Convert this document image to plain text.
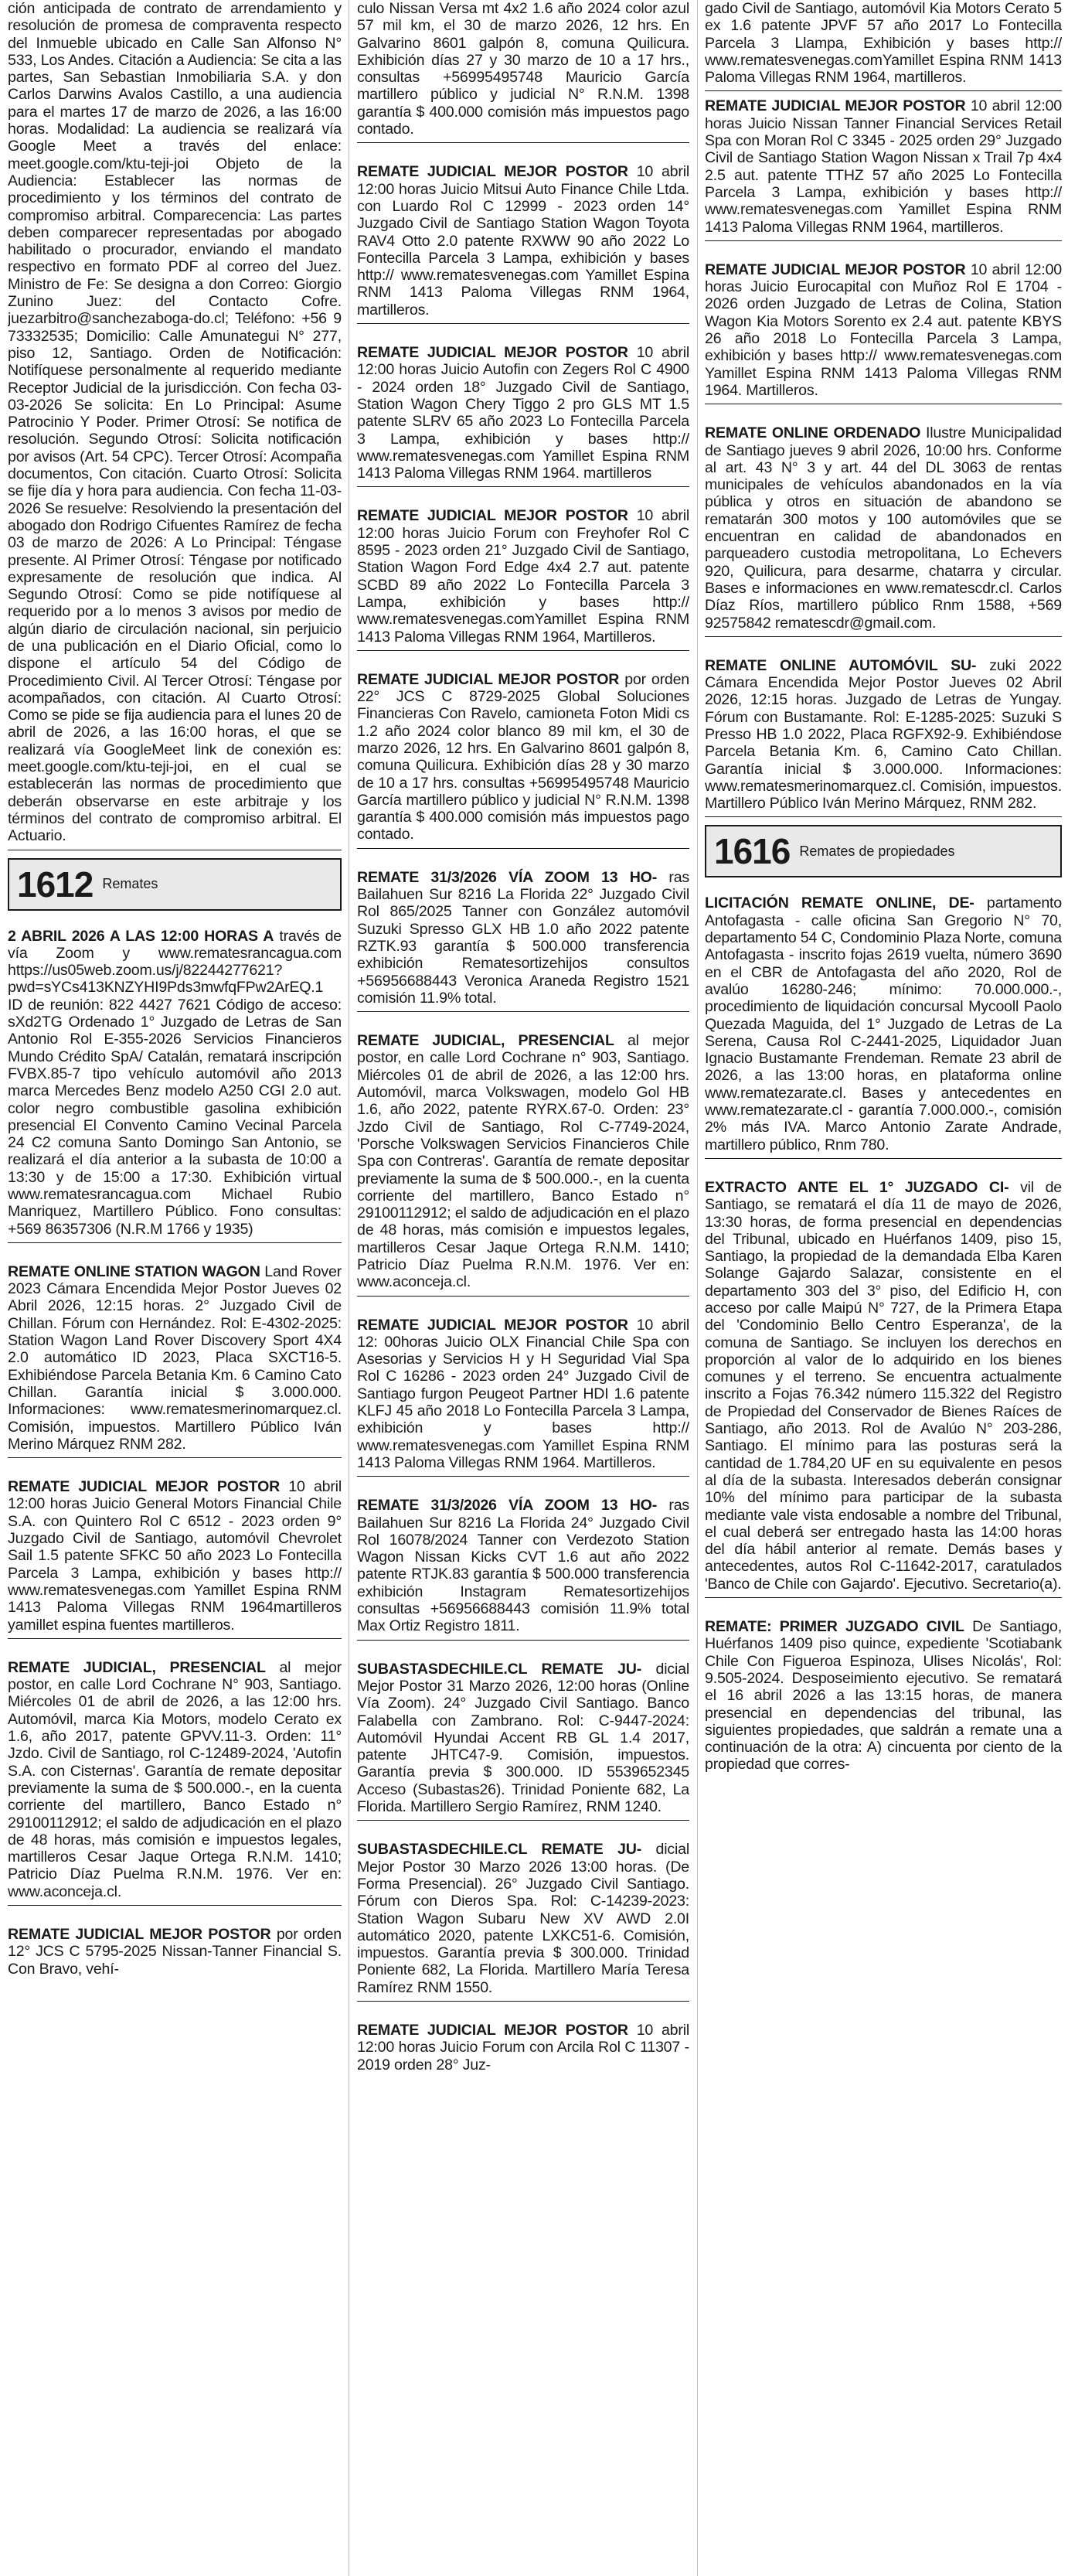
ción anticipada de contrato de arrendamiento y resolución de promesa de compraventa respecto del Inmueble ubicado en Calle San Alfonso N° 533, Los Andes. Citación a Audiencia: Se cita a las partes, San Sebastian Inmobiliaria S.A. y don Carlos Darwins Avalos Castillo, a una audiencia para el martes 17 de marzo de 2026, a las 16:00 horas. Modalidad: La audiencia se realizará vía Google Meet a través del enlace: meet.google.com/ktu-teji-joi Objeto de la Audiencia: Establecer las normas de procedimiento y los términos del contrato de compromiso arbitral. Comparecencia: Las partes deben comparecer representadas por abogado habilitado o procurador, enviando el mandato respectivo en formato PDF al correo del Juez. Ministro de Fe: Se designa a don Correo: Giorgio Zunino Juez: del Contacto Cofre. juezarbitro@sanchezaboga-do.cl; Teléfono: +56 9 73332535; Domicilio: Calle Amunategui N° 277, piso 12, Santiago. Orden de Notificación: Notifíquese personalmente al requerido mediante Receptor Judicial de la jurisdicción. Con fecha 03-03-2026 Se solicita: En Lo Principal: Asume Patrocinio Y Poder. Primer Otrosí: Se notifica de resolución. Segundo Otrosí: Solicita notificación por avisos (Art. 54 CPC). Tercer Otrosí: Acompaña documentos, Con citación. Cuarto Otrosí: Solicita se fije día y hora para audiencia. Con fecha 11-03-2026 Se resuelve: Resolviendo la presentación del abogado don Rodrigo Cifuentes Ramírez de fecha 03 de marzo de 2026: A Lo Principal: Téngase presente. Al Primer Otrosí: Téngase por notificado expresamente de resolución que indica. Al Segundo Otrosí: Como se pide notifíquese al requerido por a lo menos 3 avisos por medio de algún diario de circulación nacional, sin perjuicio de una publicación en el Diario Oficial, como lo dispone el artículo 54 del Código de Procedimiento Civil. Al Tercer Otrosí: Téngase por acompañados, con citación. Al Cuarto Otrosí: Como se pide se fija audiencia para el lunes 20 de abril de 2026, a las 16:00 horas, el que se realizará vía GoogleMeet link de conexión es: meet.google.com/ktu-teji-joi, en el cual se establecerán las normas de procedimiento que deberán observarse en este arbitraje y los términos del contrato de compromiso arbitral. El Actuario.

1612 Remates

2 ABRIL 2026 A LAS 12:00 HORAS A través de vía Zoom y www.rematesrancagua.com https://us05web.zoom.us/j/82244277621?pwd=sYCs413KNZYHI9Pds3mwfqFPw2ArEQ.1 ID de reunión: 822 4427 7621 Código de acceso: sXd2TG Ordenado 1° Juzgado de Letras de San Antonio Rol E-355-2026 Servicios Financieros Mundo Crédito SpA/ Catalán, rematará inscripción FVBX.85-7 tipo vehículo automóvil año 2013 marca Mercedes Benz modelo A250 CGI 2.0 aut. color negro combustible gasolina exhibición presencial El Convento Camino Vecinal Parcela 24 C2 comuna Santo Domingo San Antonio, se realizará el día anterior a la subasta de 10:00 a 13:30 y de 15:00 a 17:30. Exhibición virtual www.rematesrancagua.com Michael Rubio Manriquez, Martillero Público. Fono consultas: +569 86357306 (N.R.M 1766 y 1935)

REMATE ONLINE STATION WAGON Land Rover 2023 Cámara Encendida Mejor Postor Jueves 02 Abril 2026, 12:15 horas. 2° Juzgado Civil de Chillan. Fórum con Hernández. Rol: E-4302-2025: Station Wagon Land Rover Discovery Sport 4X4 2.0 automático ID 2023, Placa SXCT16-5. Exhibiéndose Parcela Betania Km. 6 Camino Cato Chillan. Garantía inicial $ 3.000.000. Informaciones: www.rematesmerinomarquez.cl. Comisión, impuestos. Martillero Público Iván Merino Márquez RNM 282.

REMATE JUDICIAL MEJOR POSTOR 10 abril 12:00 horas Juicio General Motors Financial Chile S.A. con Quintero Rol C 6512 - 2023 orden 9° Juzgado Civil de Santiago, automóvil Chevrolet Sail 1.5 patente SFKC 50 año 2023 Lo Fontecilla Parcela 3 Lampa, exhibición y bases http:// www.rematesvenegas.com Yamillet Espina RNM 1413 Paloma Villegas RNM 1964martilleros yamillet espina fuentes martilleros.

REMATE JUDICIAL, PRESENCIAL al mejor postor, en calle Lord Cochrane N° 903, Santiago. Miércoles 01 de abril de 2026, a las 12:00 hrs. Automóvil, marca Kia Motors, modelo Cerato ex 1.6, año 2017, patente GPVV.11-3. Orden: 11° Jzdo. Civil de Santiago, rol C-12489-2024, 'Autofin S.A. con Cisternas'. Garantía de remate depositar previamente la suma de $ 500.000.-, en la cuenta corriente del martillero, Banco Estado n° 29100112912; el saldo de adjudicación en el plazo de 48 horas, más comisión e impuestos legales, martilleros Cesar Jaque Ortega R.N.M. 1410; Patricio Díaz Puelma R.N.M. 1976. Ver en: www.aconceja.cl.

REMATE JUDICIAL MEJOR POSTOR por orden 12° JCS C 5795-2025 Nissan-Tanner Financial S. Con Bravo, vehí-

culo Nissan Versa mt 4x2 1.6 año 2024 color azul 57 mil km, el 30 de marzo 2026, 12 hrs. En Galvarino 8601 galpón 8, comuna Quilicura. Exhibición días 27 y 30 marzo de 10 a 17 hrs., consultas +56995495748 Mauricio García martillero público y judicial N° R.N.M. 1398 garantía $ 400.000 comisión más impuestos pago contado.

REMATE JUDICIAL MEJOR POSTOR 10 abril 12:00 horas Juicio Mitsui Auto Finance Chile Ltda. con Luardo Rol C 12999 - 2023 orden 14° Juzgado Civil de Santiago Station Wagon Toyota RAV4 Otto 2.0 patente RXWW 90 año 2022 Lo Fontecilla Parcela 3 Lampa, exhibición y bases http:// www.rematesvenegas.com Yamillet Espina RNM 1413 Paloma Villegas RNM 1964, martilleros.

REMATE JUDICIAL MEJOR POSTOR 10 abril 12:00 horas Juicio Autofin con Zegers Rol C 4900 - 2024 orden 18° Juzgado Civil de Santiago, Station Wagon Chery Tiggo 2 pro GLS MT 1.5 patente SLRV 65 año 2023 Lo Fontecilla Parcela 3 Lampa, exhibición y bases http:// www.rematesvenegas.com Yamillet Espina RNM 1413 Paloma Villegas RNM 1964. martilleros

REMATE JUDICIAL MEJOR POSTOR 10 abril 12:00 horas Juicio Forum con Freyhofer Rol C 8595 - 2023 orden 21° Juzgado Civil de Santiago, Station Wagon Ford Edge 4x4 2.7 aut. patente SCBD 89 año 2022 Lo Fontecilla Parcela 3 Lampa, exhibición y bases http:// www.rematesvenegas.comYamillet Espina RNM 1413 Paloma Villegas RNM 1964, Martilleros.

REMATE JUDICIAL MEJOR POSTOR por orden 22° JCS C 8729-2025 Global Soluciones Financieras Con Ravelo, camioneta Foton Midi cs 1.2 año 2024 color blanco 89 mil km, el 30 de marzo 2026, 12 hrs. En Galvarino 8601 galpón 8, comuna Quilicura. Exhibición días 28 y 30 marzo de 10 a 17 hrs. consultas +56995495748 Mauricio García martillero público y judicial N° R.N.M. 1398 garantía $ 400.000 comisión más impuestos pago contado.

REMATE 31/3/2026 VÍA ZOOM 13 HO- ras Bailahuen Sur 8216 La Florida 22° Juzgado Civil Rol 865/2025 Tanner con González automóvil Suzuki Spresso GLX HB 1.0 año 2022 patente RZTK.93 garantía $ 500.000 transferencia exhibición Rematesortizehijos consultos +56956688443 Veronica Araneda Registro 1521 comisión 11.9% total.

REMATE JUDICIAL, PRESENCIAL al mejor postor, en calle Lord Cochrane n° 903, Santiago. Miércoles 01 de abril de 2026, a las 12:00 hrs. Automóvil, marca Volkswagen, modelo Gol HB 1.6, año 2022, patente RYRX.67-0. Orden: 23° Jzdo Civil de Santiago, Rol C-7749-2024, 'Porsche Volkswagen Servicios Financieros Chile Spa con Contreras'. Garantía de remate depositar previamente la suma de $ 500.000.-, en la cuenta corriente del martillero, Banco Estado n° 29100112912; el saldo de adjudicación en el plazo de 48 horas, más comisión e impuestos legales, martilleros Cesar Jaque Ortega R.N.M. 1410; Patricio Díaz Puelma R.N.M. 1976. Ver en: www.aconceja.cl.

REMATE JUDICIAL MEJOR POSTOR 10 abril 12: 00horas Juicio OLX Financial Chile Spa con Asesorias y Servicios H y H Seguridad Vial Spa Rol C 16286 - 2023 orden 24° Juzgado Civil de Santiago furgon Peugeot Partner HDI 1.6 patente KLFJ 45 año 2018 Lo Fontecilla Parcela 3 Lampa, exhibición y bases http:// www.rematesvenegas.com Yamillet Espina RNM 1413 Paloma Villegas RNM 1964. Martilleros.

REMATE 31/3/2026 VÍA ZOOM 13 HO- ras Bailahuen Sur 8216 La Florida 24° Juzgado Civil Rol 16078/2024 Tanner con Verdezoto Station Wagon Nissan Kicks CVT 1.6 aut año 2022 patente RTJK.83 garantía $ 500.000 transferencia exhibición Instagram Rematesortizehijos consultas +56956688443 comisión 11.9% total Max Ortiz Registro 1811.

SUBASTASDECHILE.CL REMATE JU- dicial Mejor Postor 31 Marzo 2026, 12:00 horas (Online Vía Zoom). 24° Juzgado Civil Santiago. Banco Falabella con Zambrano. Rol: C-9447-2024: Automóvil Hyundai Accent RB GL 1.4 2017, patente JHTC47-9. Comisión, impuestos. Garantía previa $ 300.000. ID 5539652345 Acceso (Subastas26). Trinidad Poniente 682, La Florida. Martillero Sergio Ramírez, RNM 1240.

SUBASTASDECHILE.CL REMATE JU- dicial Mejor Postor 30 Marzo 2026 13:00 horas. (De Forma Presencial). 26° Juzgado Civil Santiago. Fórum con Dieros Spa. Rol: C-14239-2023: Station Wagon Subaru New XV AWD 2.0I automático 2020, patente LXKC51-6. Comisión, impuestos. Garantía previa $ 300.000. Trinidad Poniente 682, La Florida. Martillero María Teresa Ramírez RNM 1550.

REMATE JUDICIAL MEJOR POSTOR 10 abril 12:00 horas Juicio Forum con Arcila Rol C 11307 - 2019 orden 28° Juz-

gado Civil de Santiago, automóvil Kia Motors Cerato 5 ex 1.6 patente JPVF 57 año 2017 Lo Fontecilla Parcela 3 Llampa, Exhibición y bases http:// www.rematesvenegas.comYamillet Espina RNM 1413 Paloma Villegas RNM 1964, martilleros.

REMATE JUDICIAL MEJOR POSTOR 10 abril 12:00 horas Juicio Nissan Tanner Financial Services Retail Spa con Moran Rol C 3345 - 2025 orden 29° Juzgado Civil de Santiago Station Wagon Nissan x Trail 7p 4x4 2.5 aut. patente TTHZ 57 año 2025 Lo Fontecilla Parcela 3 Lampa, exhibición y bases http:// www.rematesvenegas.com Yamillet Espina RNM 1413 Paloma Villegas RNM 1964, martilleros.

REMATE JUDICIAL MEJOR POSTOR 10 abril 12:00 horas Juicio Eurocapital con Muñoz Rol E 1704 - 2026 orden Juzgado de Letras de Colina, Station Wagon Kia Motors Sorento ex 2.4 aut. patente KBYS 26 año 2018 Lo Fontecilla Parcela 3 Lampa, exhibición y bases http:// www.rematesvenegas.com Yamillet Espina RNM 1413 Paloma Villegas RNM 1964. Martilleros.

REMATE ONLINE ORDENADO Ilustre Municipalidad de Santiago jueves 9 abril 2026, 10:00 hrs. Conforme al art. 43 N° 3 y art. 44 del DL 3063 de rentas municipales de vehículos abandonados en la vía pública y otros en situación de abandono se rematarán 300 motos y 100 automóviles que se encuentran en calidad de abandonados en parqueadero custodia metropolitana, Lo Echevers 920, Quilicura, para desarme, chatarra y circular. Bases e informaciones en www.rematescdr.cl. Carlos Díaz Ríos, martillero público Rnm 1588, +569 92575842 rematescdr@gmail.com.

REMATE ONLINE AUTOMÓVIL SU- zuki 2022 Cámara Encendida Mejor Postor Jueves 02 Abril 2026, 12:15 horas. Juzgado de Letras de Yungay. Fórum con Bustamante. Rol: E-1285-2025: Suzuki S Presso HB 1.0 2022, Placa RGFX92-9. Exhibiéndose Parcela Betania Km. 6, Camino Cato Chillan. Garantía inicial $ 3.000.000. Informaciones: www.rematesmerinomarquez.cl. Comisión, impuestos. Martillero Público Iván Merino Márquez, RNM 282.

1616 Remates de propiedades

LICITACIÓN REMATE ONLINE, DE- partamento Antofagasta - calle oficina San Gregorio N° 70, departamento 54 C, Condominio Plaza Norte, comuna Antofagasta - inscrito fojas 2619 vuelta, número 3690 en el CBR de Antofagasta del año 2020, Rol de avalúo 16280-246; mínimo: 70.000.000.-, procedimiento de liquidación concursal Mycooll Paolo Quezada Maguida, del 1° Juzgado de Letras de La Serena, Causa Rol C-2441-2025, Liquidador Juan Ignacio Bustamante Frendeman. Remate 23 abril de 2026, a las 13:00 horas, en plataforma online www.rematezarate.cl. Bases y antecedentes en www.rematezarate.cl - garantía 7.000.000.-, comisión 2% más IVA. Marco Antonio Zarate Andrade, martillero público, Rnm 780.

EXTRACTO ANTE EL 1° JUZGADO CI- vil de Santiago, se rematará el día 11 de mayo de 2026, 13:30 horas, de forma presencial en dependencias del Tribunal, ubicado en Huérfanos 1409, piso 15, Santiago, la propiedad de la demandada Elba Karen Solange Gajardo Salazar, consistente en el departamento 303 del 3° piso, del Edificio H, con acceso por calle Maipú N° 727, de la Primera Etapa del 'Condominio Bello Centro Esperanza', de la comuna de Santiago. Se incluyen los derechos en proporción al valor de lo adquirido en los bienes comunes y el terreno. Se encuentra actualmente inscrito a Fojas 76.342 número 115.322 del Registro de Propiedad del Conservador de Bienes Raíces de Santiago, año 2013. Rol de Avalúo N° 203-286, Santiago. El mínimo para las posturas será la cantidad de 1.784,20 UF en su equivalente en pesos al día de la subasta. Interesados deberán consignar 10% del mínimo para participar de la subasta mediante vale vista endosable a nombre del Tribunal, el cual deberá ser entregado hasta las 14:00 horas del día hábil anterior al remate. Demás bases y antecedentes, autos Rol C-11642-2017, caratulados 'Banco de Chile con Gajardo'. Ejecutivo. Secretario(a).

REMATE: PRIMER JUZGADO CIVIL De Santiago, Huérfanos 1409 piso quince, expediente 'Scotiabank Chile Con Figueroa Espinoza, Ulises Nicolás', Rol: 9.505-2024. Desposeimiento ejecutivo. Se rematará el 16 abril 2026 a las 13:15 horas, de manera presencial en dependencias del tribunal, las siguientes propiedades, que saldrán a remate una a continuación de la otra: A) cincuenta por ciento de la propiedad que corres-
